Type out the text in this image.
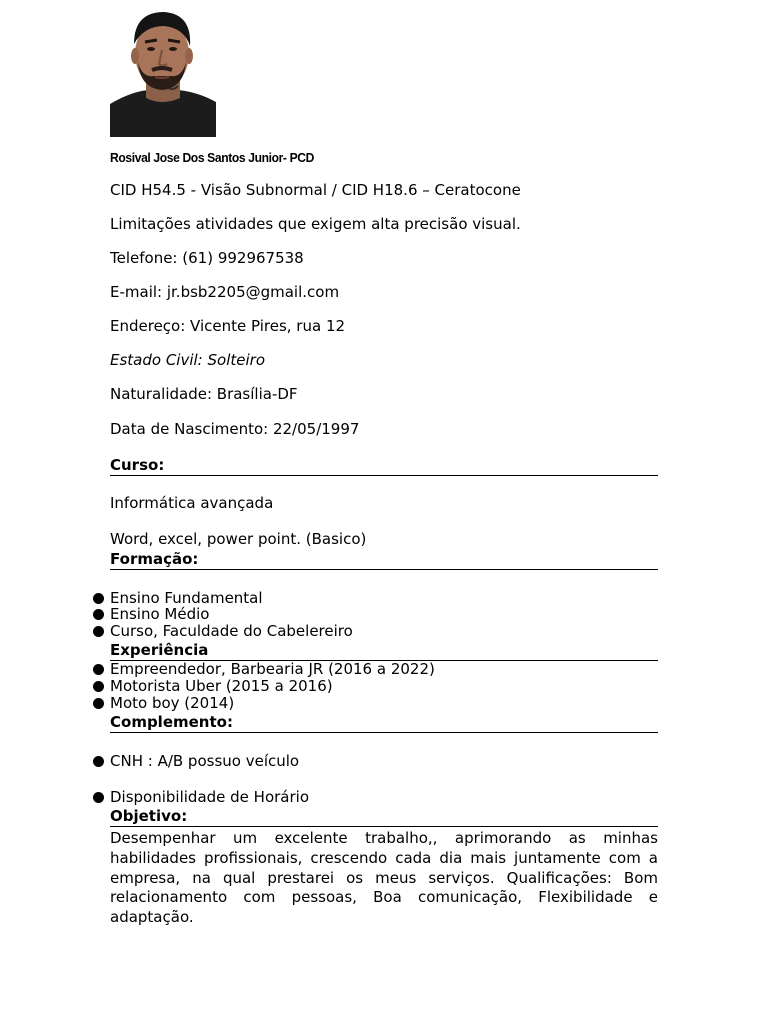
Rosival Jose Dos Santos Junior- PCD
CID H54.5 - Visão Subnormal / CID H18.6 – Ceratocone
Limitações atividades que exigem alta precisão visual.
Telefone: (61) 992967538
E-mail: jr.bsb2205@gmail.com
Endereço: Vicente Pires, rua 12
Estado Civil: Solteiro
Naturalidade: Brasília-DF
Data de Nascimento: 22/05/1997
Curso:
Informática avançada
Word, excel, power point. (Basico)
Formação:
Ensino Fundamental
Ensino Médio
Curso, Faculdade do Cabelereiro
Experiência
Empreendedor, Barbearia JR (2016 a 2022)
Motorista Uber (2015 a 2016)
Moto boy (2014)
Complemento:
CNH : A/B possuo veículo
Disponibilidade de Horário
Objetivo:
Desempenhar um excelente trabalho,, aprimorando as minhas habilidades profissionais, crescendo cada dia mais juntamente com a empresa, na qual prestarei os meus serviços. Qualificações: Bom relacionamento com pessoas, Boa comunicação, Flexibilidade e adaptação.
